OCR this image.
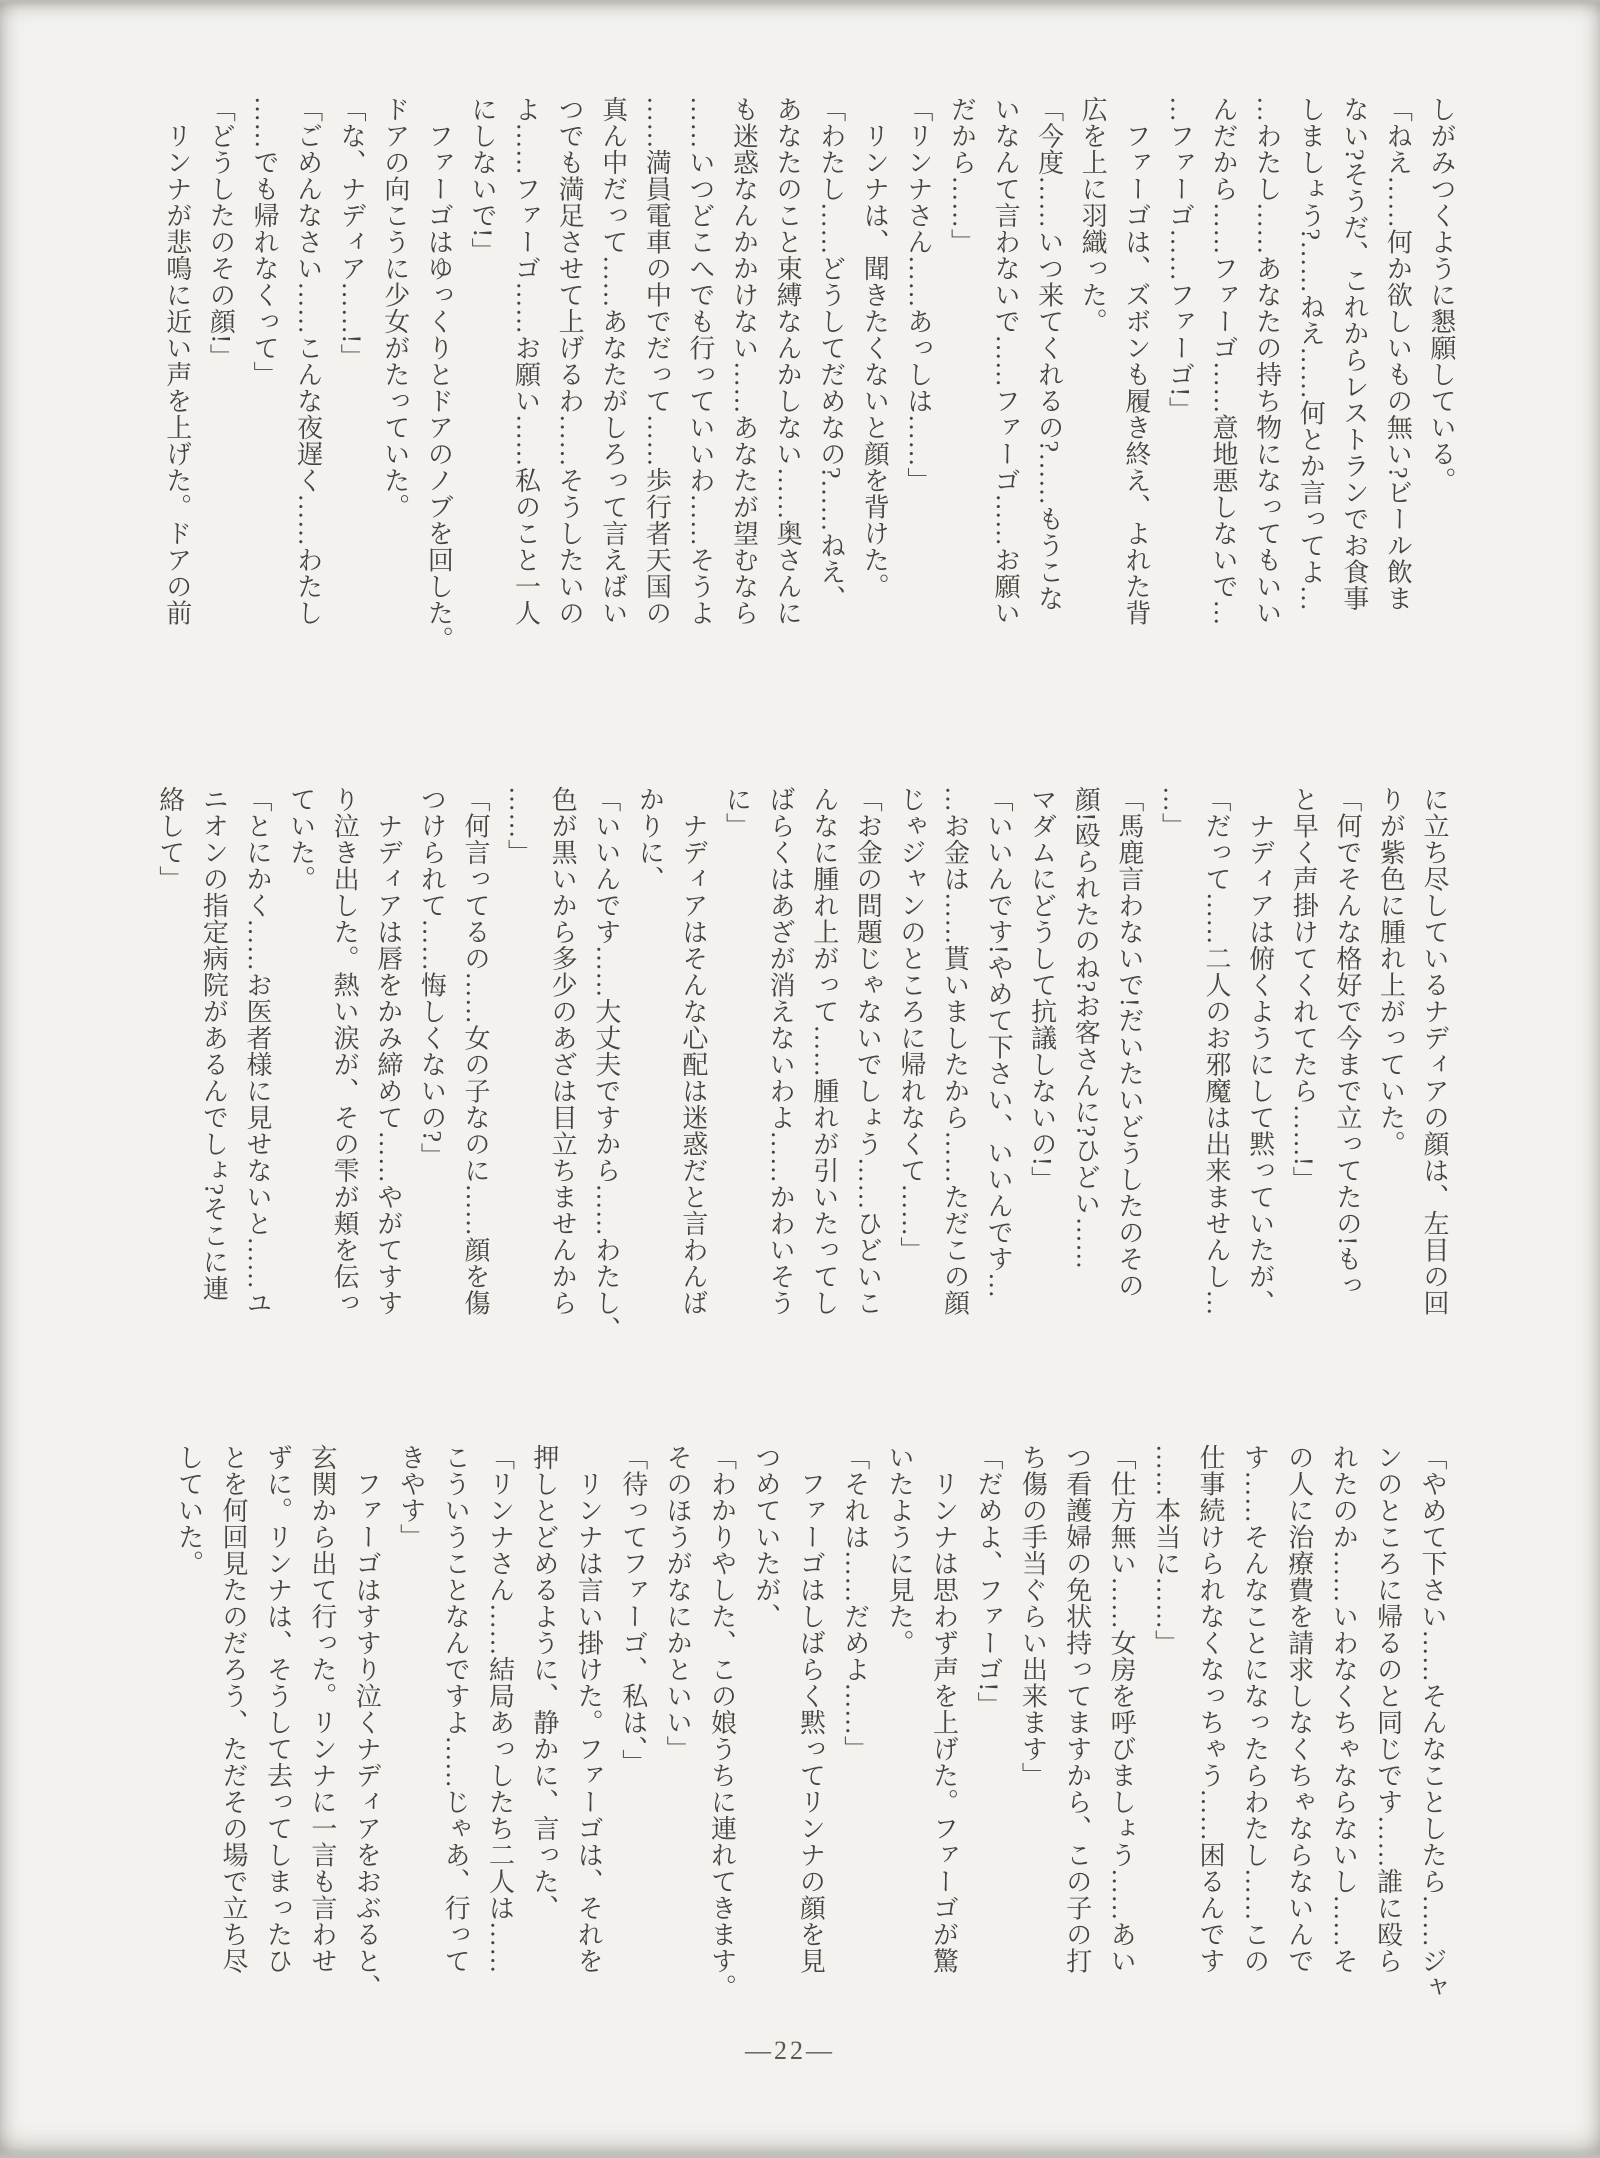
しがみつくように懇願している。
「ねえ……何か欲しいもの無い?ビール飲ま
ない?そうだ、これからレストランでお食事
しましょう?……ねえ……何とか言ってよ…
…わたし……あなたの持ち物になってもいい
んだから……ファーゴ……意地悪しないで…
…ファーゴ……ファーゴ!」
　ファーゴは、ズボンも履き終え、よれた背
広を上に羽織った。
「今度……いつ来てくれるの?……もうこな
いなんて言わないで……ファーゴ……お願い
だから……」
「リンナさん……あっしは……」
　リンナは、聞きたくないと顔を背けた。
「わたし……どうしてだめなの?……ねえ、
あなたのこと束縛なんかしない……奥さんに
も迷惑なんかかけない……あなたが望むなら
……いつどこへでも行っていいわ……そうよ
……満員電車の中でだって……歩行者天国の
真ん中だって……あなたがしろって言えばい
つでも満足させて上げるわ……そうしたいの
よ……ファーゴ……お願い……私のこと一人
にしないで!」
　ファーゴはゆっくりとドアのノブを回した。
ドアの向こうに少女がたっていた。
「な、ナディア……!」
「ごめんなさい……こんな夜遅く……わたし
……でも帰れなくって」
「どうしたのその顔!」
　リンナが悲鳴に近い声を上げた。ドアの前
に立ち尽しているナディアの顔は、左目の回
りが紫色に腫れ上がっていた。
「何でそんな格好で今まで立ってたの!もっ
と早く声掛けてくれてたら……!」
　ナディアは俯くようにして黙っていたが、
「だって……二人のお邪魔は出来ませんし…
…」
「馬鹿言わないで!だいたいどうしたのその
顔!殴られたのね?お客さんに?ひどい……
マダムにどうして抗議しないの!」
「いいんです!やめて下さい、いいんです…
…お金は……貰いましたから……ただこの顔
じゃジャンのところに帰れなくて……」
「お金の問題じゃないでしょう……ひどいこ
んなに腫れ上がって……腫れが引いたってし
ばらくはあざが消えないわよ……かわいそう
に」
　ナディアはそんな心配は迷惑だと言わんば
かりに、
「いいんです……大丈夫ですから……わたし、
色が黒いから多少のあざは目立ちませんから
……」
「何言ってるの……女の子なのに……顔を傷
つけられて……悔しくないの?」
　ナディアは唇をかみ締めて……やがてすす
り泣き出した。熱い涙が、その雫が頬を伝っ
ていた。
「とにかく……お医者様に見せないと……ユ
ニオンの指定病院があるんでしょ?そこに連
絡して」
「やめて下さい……そんなことしたら……ジャ
ンのところに帰るのと同じです……誰に殴ら
れたのか……いわなくちゃならないし……そ
の人に治療費を請求しなくちゃならないんで
す……そんなことになったらわたし……この
仕事続けられなくなっちゃう……困るんです
……本当に……」
「仕方無い……女房を呼びましょう……あい
つ看護婦の免状持ってますから、この子の打
ち傷の手当ぐらい出来ます」
「だめよ、ファーゴ!」
　リンナは思わず声を上げた。ファーゴが驚
いたように見た。
「それは……だめよ……」
　ファーゴはしばらく黙ってリンナの顔を見
つめていたが、
「わかりやした、この娘うちに連れてきます。
そのほうがなにかといい」
「待ってファーゴ、私は、」
　リンナは言い掛けた。ファーゴは、それを
押しとどめるように、静かに、言った、
「リンナさん……結局あっしたち二人は……
こういうことなんですよ……じゃあ、行って
きやす」
　ファーゴはすすり泣くナディアをおぶると、
玄関から出て行った。リンナに一言も言わせ
ずに。リンナは、そうして去ってしまったひ
とを何回見たのだろう、ただその場で立ち尽
していた。
―22―
